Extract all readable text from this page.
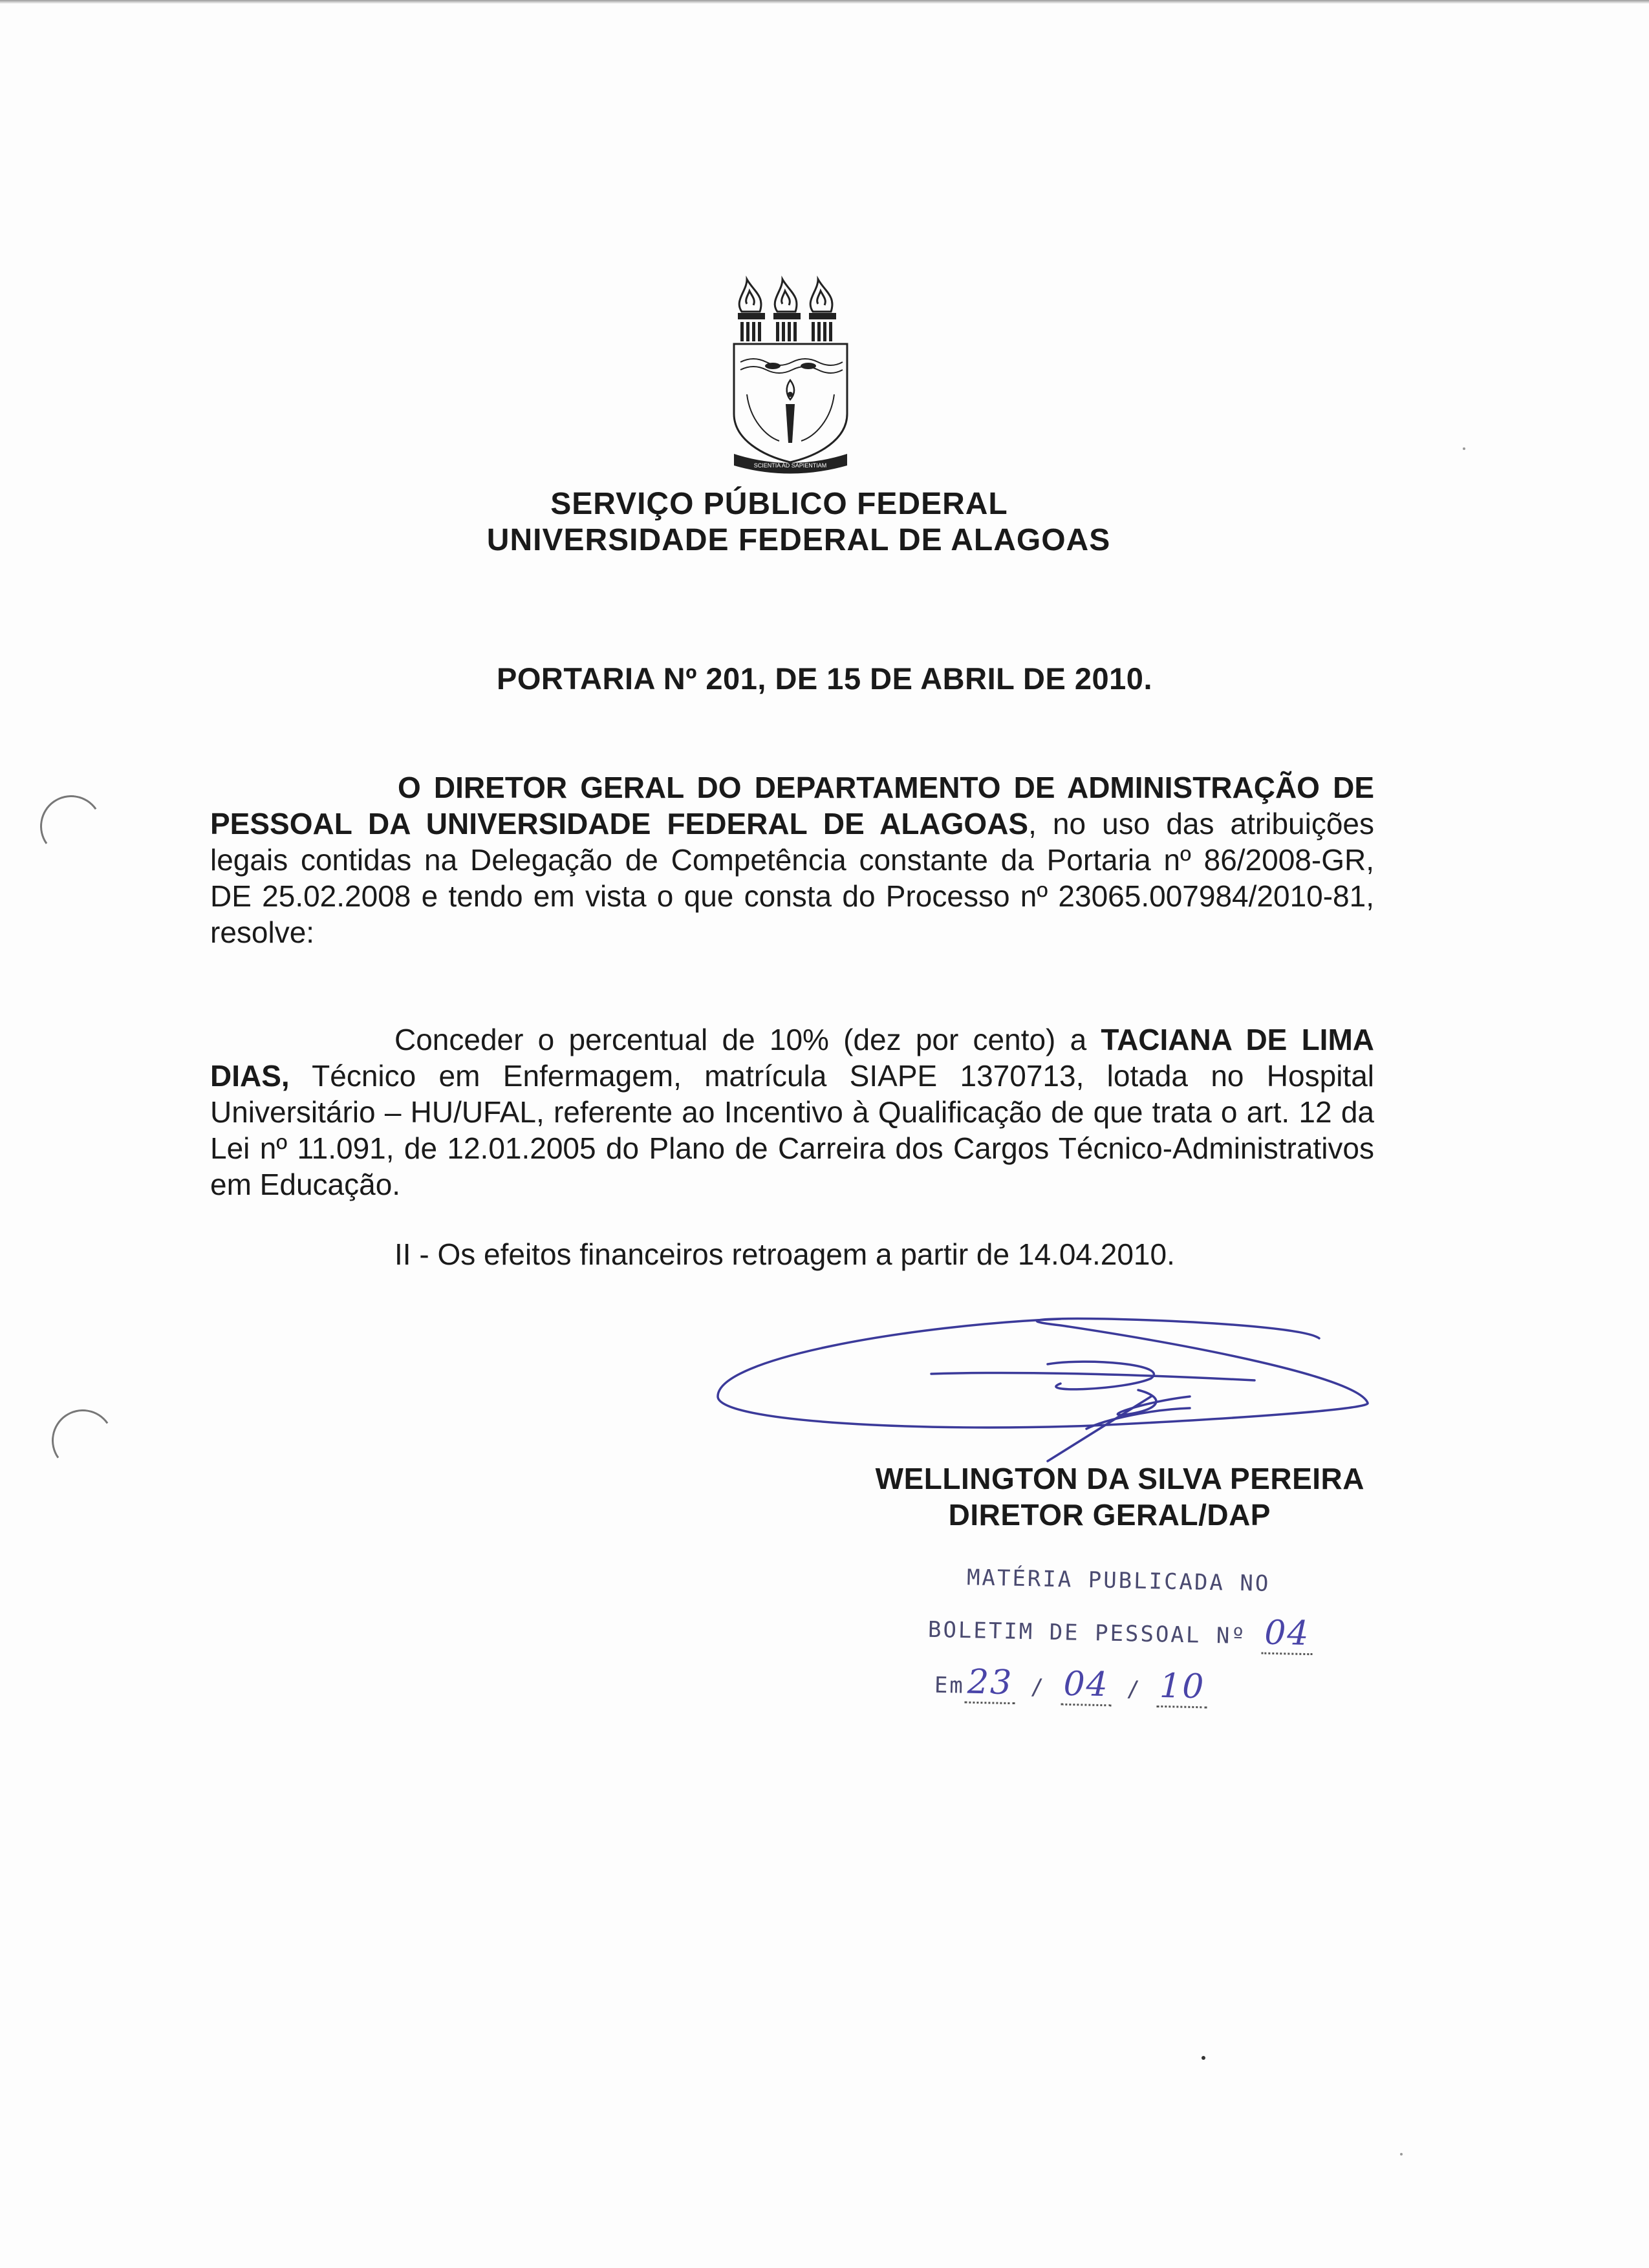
SCIENTIA AD SAPIENTIAM
SERVIÇO PÚBLICO FEDERAL
UNIVERSIDADE FEDERAL DE ALAGOAS
PORTARIA Nº 201, DE 15 DE ABRIL DE 2010.
O DIRETOR GERAL DO DEPARTAMENTO DE ADMINISTRAÇÃO DE PESSOAL DA UNIVERSIDADE FEDERAL DE ALAGOAS, no uso das atribuições legais contidas na Delegação de Competência constante da Portaria nº 86/2008-GR, DE 25.02.2008 e tendo em vista o que consta do Processo nº 23065.007984/2010-81, resolve:
Conceder o percentual de 10% (dez por cento) a TACIANA DE LIMA DIAS, Técnico em Enfermagem, matrícula SIAPE 1370713, lotada no Hospital Universitário – HU/UFAL, referente ao Incentivo à Qualificação de que trata o art. 12 da Lei nº 11.091, de 12.01.2005 do Plano de Carreira dos Cargos Técnico-Administrativos em Educação.
II - Os efeitos financeiros retroagem a partir de 14.04.2010.
WELLINGTON DA SILVA PEREIRA
DIRETOR GERAL/DAP
MATÉRIA PUBLICADA NO
BOLETIM DE PESSOAL Nº 04
Em23 / 04 / 10
